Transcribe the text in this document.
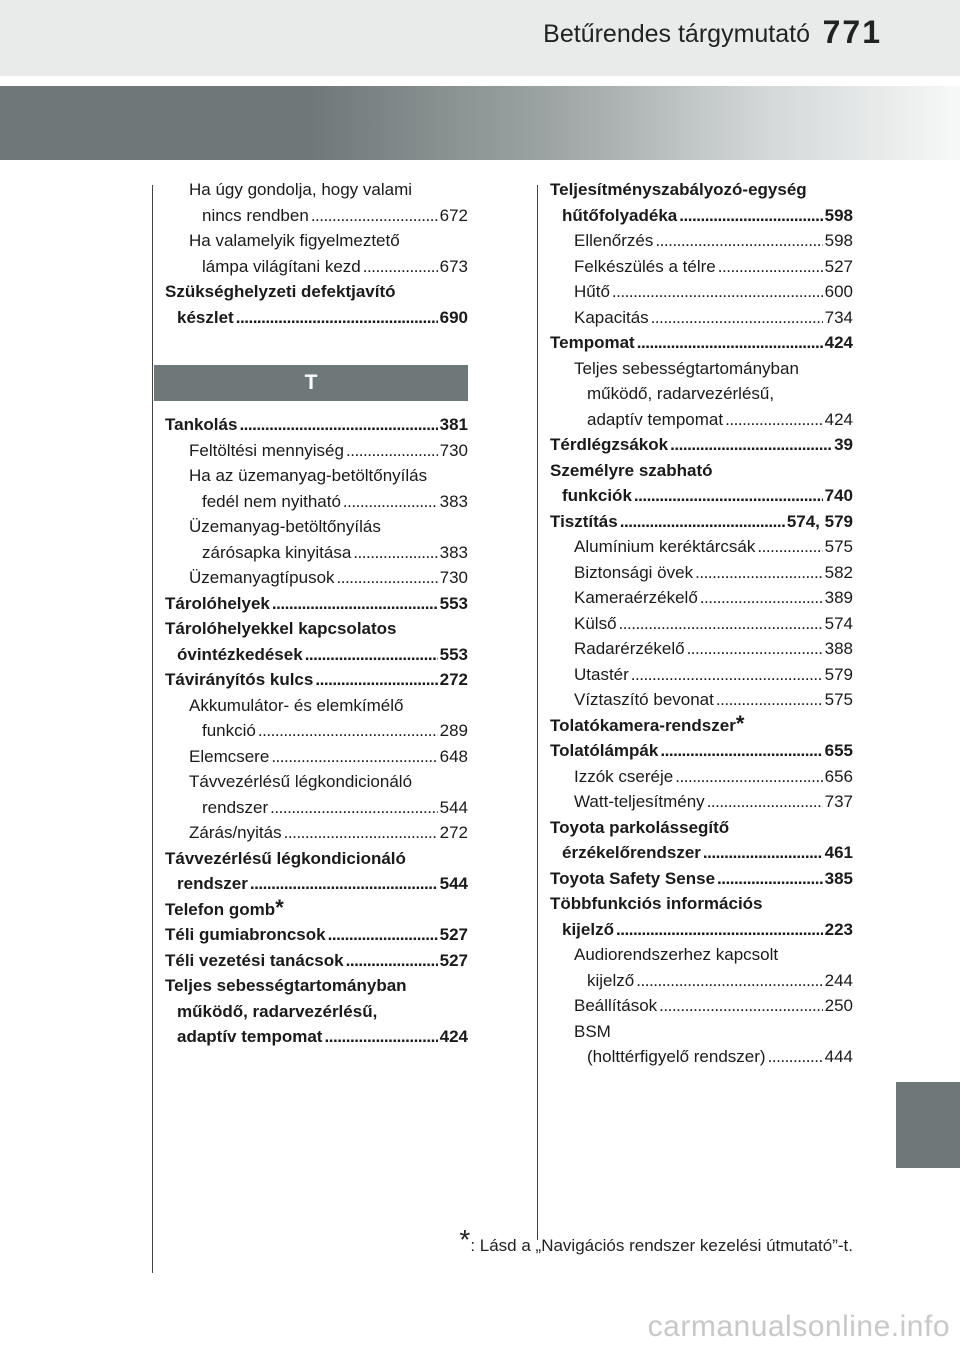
Betűrendes tárgymutató 771
Ha úgy gondolja, hogy valami
nincs rendben . . .	672
Ha valamelyik figyelmeztető
lámpa világítani kezd . . .	673
Szükséghelyzeti defektjavító
készlet . . .	690
T
Tankolás . . .	381
Feltöltési mennyiség . . .	730
Ha az üzemanyag-betöltőnyílás
fedél nem nyitható . . .	383
Üzemanyag-betöltőnyílás
zárósapka kinyitása . . .	383
Üzemanyagtípusok . . .	730
Tárolóhelyek . . .	553
Tárolóhelyekkel kapcsolatos
óvintézkedések . . .	553
Távirányítós kulcs . . .	272
Akkumulátor- és elemkímélő
funkció . . .	289
Elemcsere . . .	648
Távvezérlésű légkondicionáló
rendszer . . .	544
Zárás/nyitás . . .	272
Távvezérlésű légkondicionáló
rendszer . . .	544
Telefon gomb *
Téli gumiabroncsok . . .	527
Téli vezetési tanácsok . . .	527
Teljes sebességtartományban
működő, radarvezérlésű,
adaptív tempomat . . .	424
Teljesítményszabályozó-egység
hűtőfolyadéka . . .	598
Ellenőrzés . . .	598
Felkészülés a télre . . .	527
Hűtő . . .	600
Kapacitás . . .	734
Tempomat . . .	424
Teljes sebességtartományban
működő, radarvezérlésű,
adaptív tempomat . . .	424
Térdlégzsákok . . .	39
Személyre szabható
funkciók . . .	740
Tisztítás . . .	574, 579
Alumínium keréktárcsák . . .	575
Biztonsági övek . . .	582
Kameraérzékelő . . .	389
Külső . . .	574
Radarérzékelő . . .	388
Utastér . . .	579
Víztaszító bevonat . . .	575
Tolatókamera-rendszer *
Tolatólámpák . . .	655
Izzók cseréje . . .	656
Watt-teljesítmény . . .	737
Toyota parkolássegítő
érzékelőrendszer . . .	461
Toyota Safety Sense . . .	385
Többfunkciós információs
kijelző . . .	223
Audiorendszerhez kapcsolt
kijelző . . .	244
Beállítások . . .	250
BSM
(holttérfigyelő rendszer) . . .	444
*: Lásd a „Navigációs rendszer kezelési útmutató”-t.
carmanualsonline.info
